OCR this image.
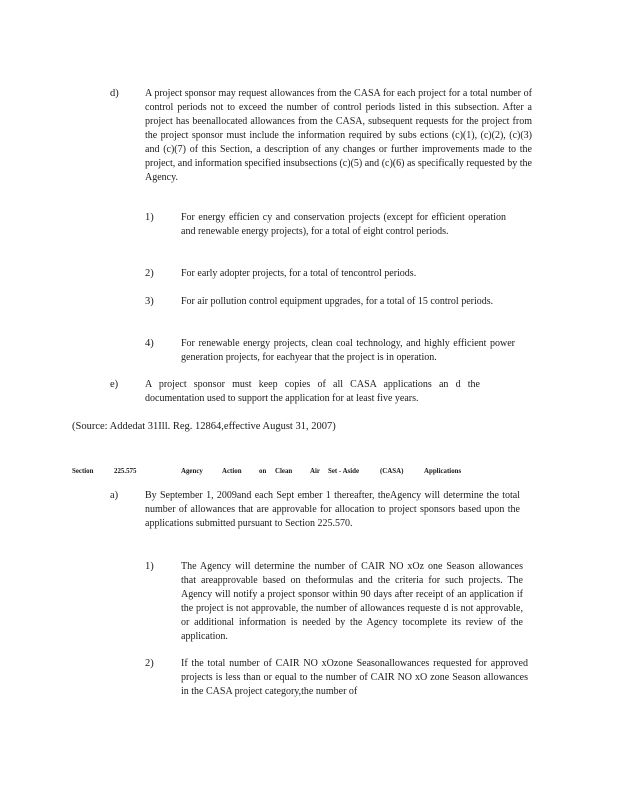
d)	A project sponsor may request allowances from the CASA for each project for a total number of control periods not to exceed the number of control periods listed in this subsection. After a project has beenallocated allowances from the CASA, subsequent requests for the project from the project sponsor must include the information required by subs ections (c)(1), (c)(2), (c)(3) and (c)(7) of this Section, a description of any changes or further improvements made to the project, and information specified insubsections (c)(5) and (c)(6) as specifically requested by the Agency.
1)	For energy efficien cy and conservation projects (except for efficient operation and renewable energy projects), for a total of eight control periods.
2)	For early adopter projects, for a total of tencontrol periods.
3)	For air pollution control equipment upgrades, for a total of 15 control periods.
4)	For renewable energy projects, clean coal technology, and highly efficient power generation projects, for eachyear that the project is in operation.
e)	A project sponsor must keep copies of all CASA applications an d the documentation used to support the application for at least five years.
(Source: Addedat 31Ill. Reg. 12864,effective August 31, 2007)
Section	225.575	Agency	Action on Clean Air Set - Aside	(CASA)	Applications
a)	By September 1, 2009and each Sept ember 1 thereafter, theAgency will determine the total number of allowances that are approvable for allocation to project sponsors based upon the applications submitted pursuant to Section 225.570.
1)	The Agency will determine the number of CAIR NO xOz one Season allowances that areapprovable based on theformulas and the criteria for such projects. The Agency will notify a project sponsor within 90 days after receipt of an application if the project is not approvable, the number of allowances requeste d is not approvable, or additional information is needed by the Agency tocomplete its review of the application.
2)	If the total number of CAIR NO xOzone Seasonallowances requested for approved projects is less than or equal to the number of CAIR NO xO zone Season allowances in the CASA project category,the number of
